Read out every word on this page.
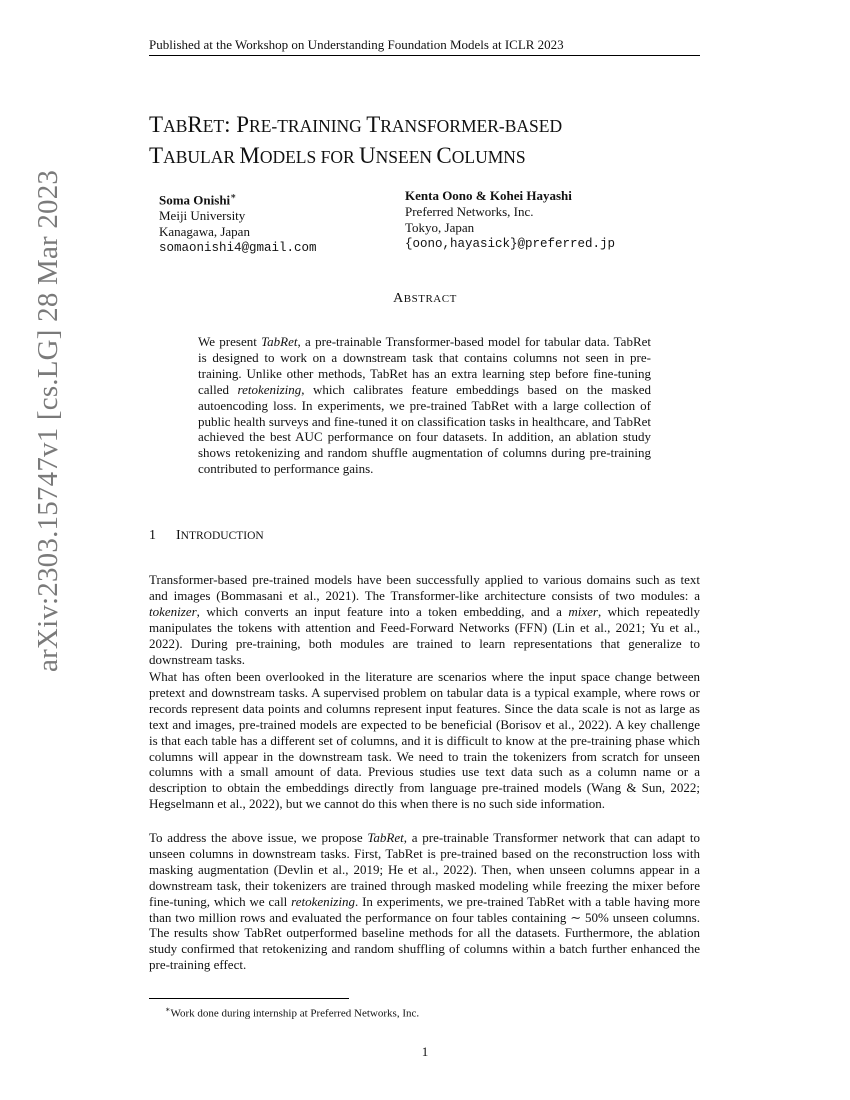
Published at the Workshop on Understanding Foundation Models at ICLR 2023
arXiv:2303.15747v1 [cs.LG] 28 Mar 2023
TABRET: PRE-TRAINING TRANSFORMER-BASED
TABULAR MODELS FOR UNSEEN COLUMNS
Soma Onishi∗
Meiji University
Kanagawa, Japan
somaonishi4@gmail.com
Kenta Oono & Kohei Hayashi
Preferred Networks, Inc.
Tokyo, Japan
{oono,hayasick}@preferred.jp
ABSTRACT
We present TabRet, a pre-trainable Transformer-based model for tabular data. TabRet is designed to work on a downstream task that contains columns not seen in pre-training. Unlike other methods, TabRet has an extra learning step before fine-tuning called retokenizing, which calibrates feature embeddings based on the masked autoencoding loss. In experiments, we pre-trained TabRet with a large collection of public health surveys and fine-tuned it on classification tasks in healthcare, and TabRet achieved the best AUC performance on four datasets. In addition, an ablation study shows retokenizing and random shuffle augmentation of columns during pre-training contributed to performance gains.
1 INTRODUCTION

Transformer-based pre-trained models have been successfully applied to various domains such as text and images (Bommasani et al., 2021). The Transformer-like architecture consists of two modules: a tokenizer, which converts an input feature into a token embedding, and a mixer, which repeatedly manipulates the tokens with attention and Feed-Forward Networks (FFN) (Lin et al., 2021; Yu et al., 2022). During pre-training, both modules are trained to learn representations that generalize to downstream tasks.

What has often been overlooked in the literature are scenarios where the input space change between pretext and downstream tasks. A supervised problem on tabular data is a typical example, where rows or records represent data points and columns represent input features. Since the data scale is not as large as text and images, pre-trained models are expected to be beneficial (Borisov et al., 2022). A key challenge is that each table has a different set of columns, and it is difficult to know at the pre-training phase which columns will appear in the downstream task. We need to train the tokenizers from scratch for unseen columns with a small amount of data. Previous studies use text data such as a column name or a description to obtain the embeddings directly from language pre-trained models (Wang & Sun, 2022; Hegselmann et al., 2022), but we cannot do this when there is no such side information.

To address the above issue, we propose TabRet, a pre-trainable Transformer network that can adapt to unseen columns in downstream tasks. First, TabRet is pre-trained based on the reconstruction loss with masking augmentation (Devlin et al., 2019; He et al., 2022). Then, when unseen columns appear in a downstream task, their tokenizers are trained through masked modeling while freezing the mixer before fine-tuning, which we call retokenizing. In experiments, we pre-trained TabRet with a table having more than two million rows and evaluated the performance on four tables containing ∼ 50% unseen columns. The results show TabRet outperformed baseline methods for all the datasets. Furthermore, the ablation study confirmed that retokenizing and random shuffling of columns within a batch further enhanced the pre-training effect.

∗Work done during internship at Preferred Networks, Inc.
1
